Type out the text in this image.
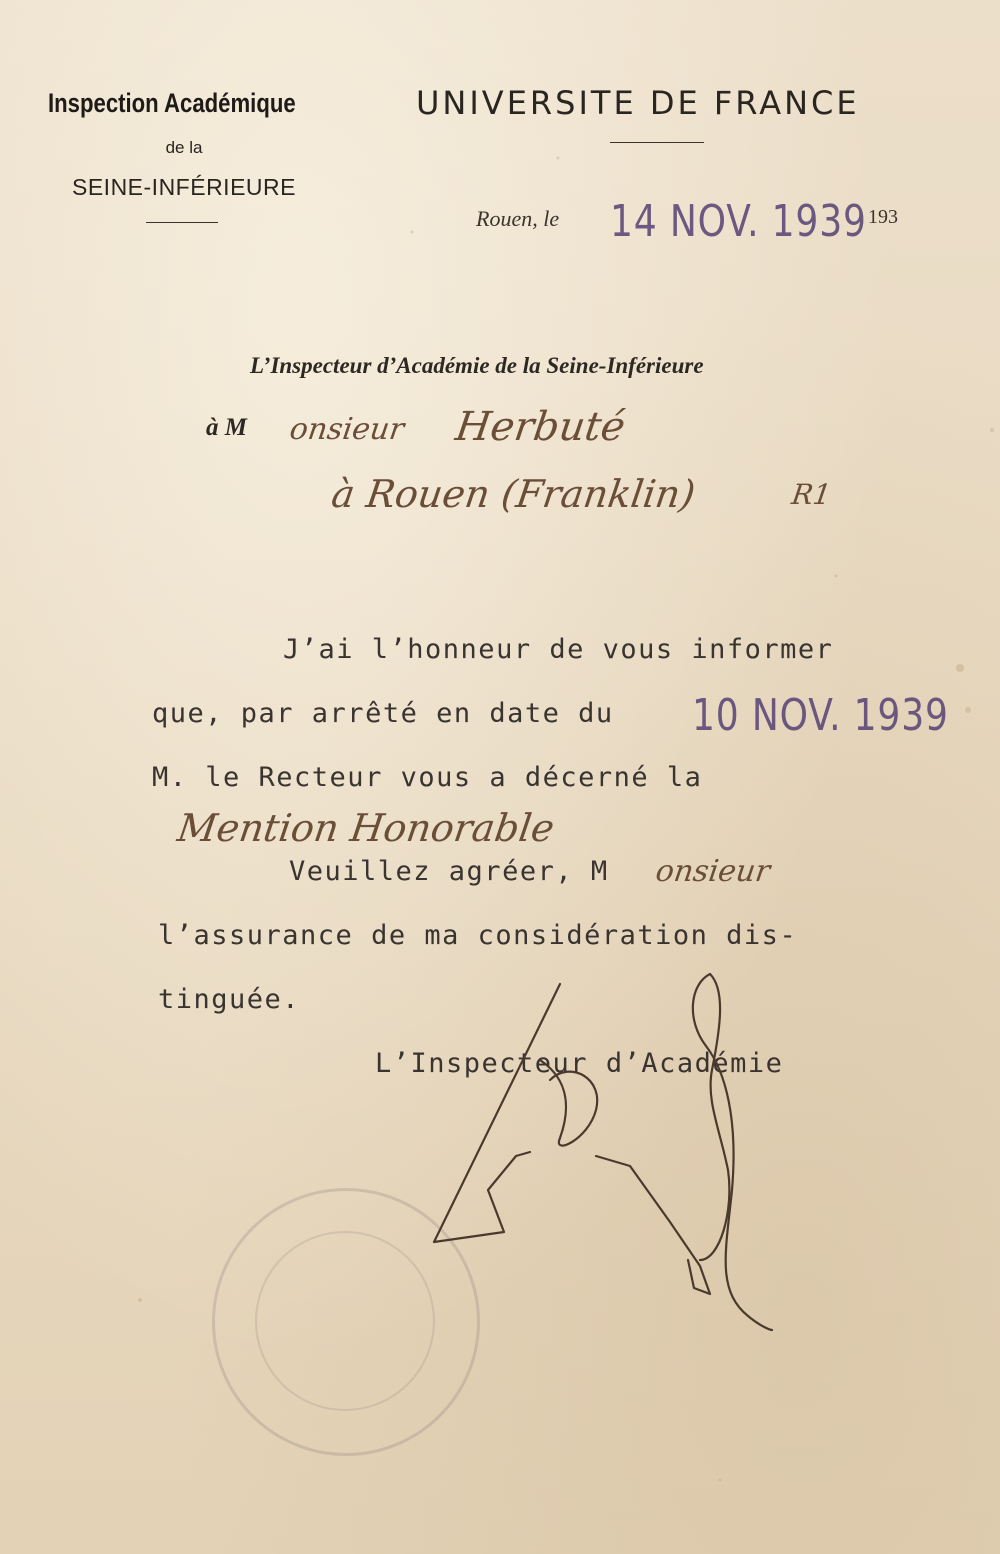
Inspection Académique
de la
SEINE-INFÉRIEURE
UNIVERSITE DE FRANCE
Rouen, le 14 NOV. 1939 193
L’Inspecteur d’Académie de la Seine-Inférieure
à M onsieur Herbuté
à Rouen (Franklin)	R1
J’ai l’honneur de vous informer
que, par arrêté en date du 10 NOV. 1939
M. le Recteur vous a décerné la
Mention Honorable
Veuillez agréer, M onsieur
l’assurance de ma considération dis-
tinguée.
L’Inspecteur d’Académie
